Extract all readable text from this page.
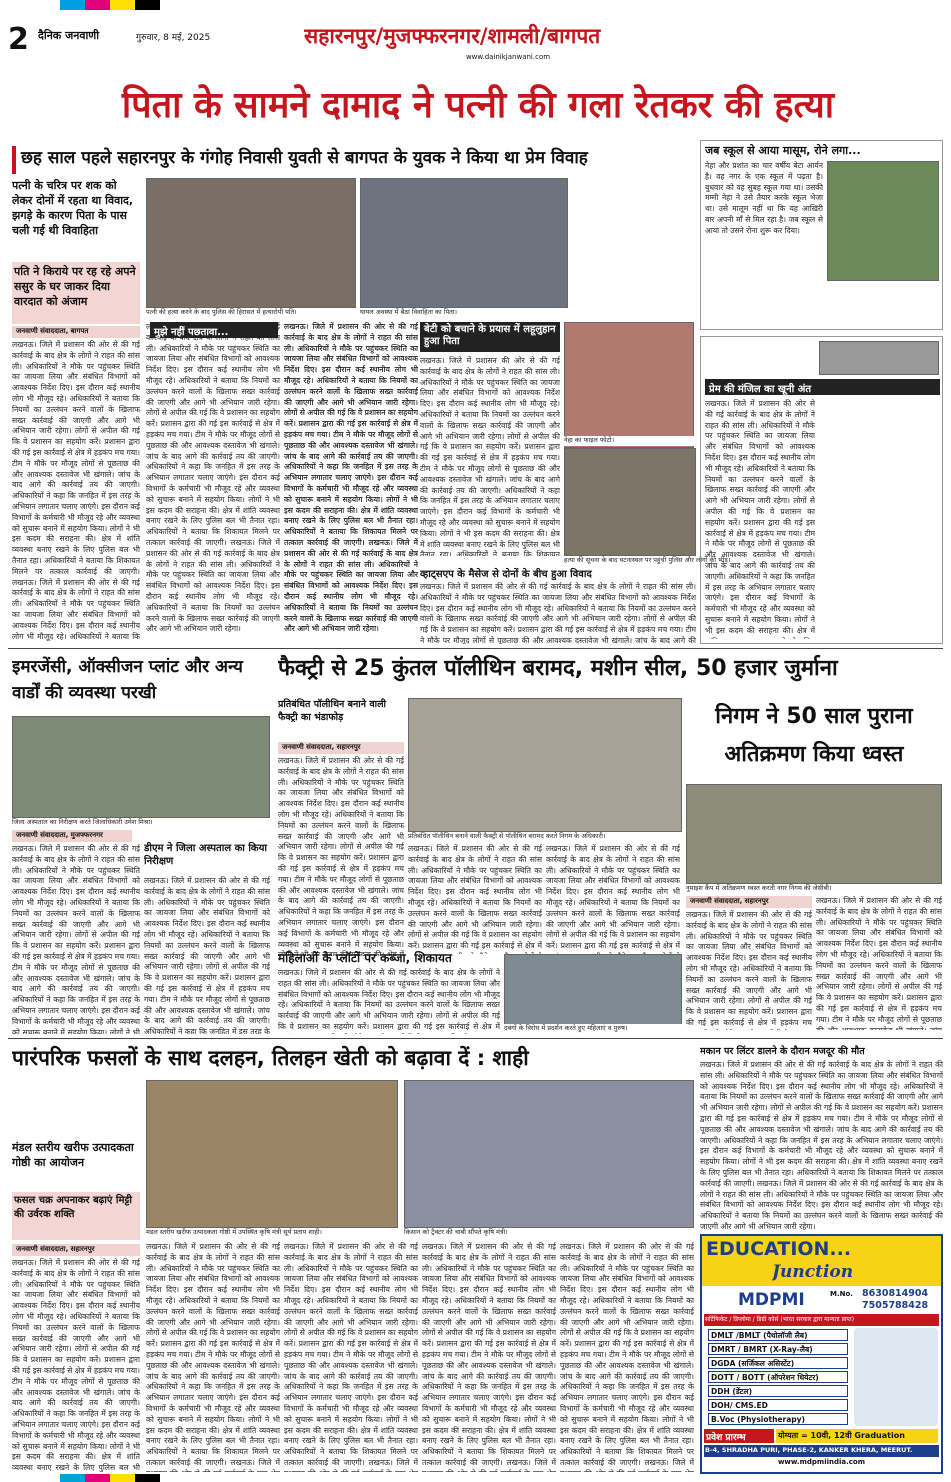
2 दैनिक जनवाणी	गुरुवार, 8 मई, 2025	सहारनपुर/मुजफ्फरनगर/शामली/बागपत
www.dainikjanwani.com
पिता के सामने दामाद ने पत्नी की गला रेतकर की हत्या
छह साल पहले सहारनपुर के गंगोह निवासी युवती से बागपत के युवक ने किया था प्रेम विवाह
पत्नी के चरित्र पर शक को लेकर दोनों में रहता था विवाद, झगड़े के कारण पिता के पास चली गई थी विवाहिता
पति ने किराये पर रह रहे अपने ससुर के घर जाकर दिया वारदात को अंजाम
जनवाणी संवाददाता, बागपत
लखनऊ। जिले में प्रशासन की ओर से की गई कार्रवाई के बाद क्षेत्र के लोगों ने राहत की सांस ली। अधिकारियों ने मौके पर पहुंचकर स्थिति का जायजा लिया और संबंधित विभागों को आवश्यक निर्देश दिए। इस दौरान कई स्थानीय लोग भी मौजूद रहे। अधिकारियों ने बताया कि नियमों का उल्लंघन करने वालों के खिलाफ सख्त कार्रवाई की जाएगी और आगे भी अभियान जारी रहेगा। लोगों से अपील की गई कि वे प्रशासन का सहयोग करें। प्रशासन द्वारा की गई इस कार्रवाई से क्षेत्र में हड़कंप मच गया। टीम ने मौके पर मौजूद लोगों से पूछताछ की और आवश्यक दस्तावेज भी खंगाले। जांच के बाद आगे की कार्रवाई तय की जाएगी। अधिकारियों ने कहा कि जनहित में इस तरह के अभियान लगातार चलाए जाएंगे। इस दौरान कई विभागों के कर्मचारी भी मौजूद रहे और व्यवस्था को सुचारू बनाने में सहयोग किया। लोगों ने भी इस कदम की सराहना की। क्षेत्र में शांति व्यवस्था बनाए रखने के लिए पुलिस बल भी तैनात रहा। अधिकारियों ने बताया कि शिकायत मिलने पर तत्काल कार्रवाई की जाएगी। लखनऊ। जिले में प्रशासन की ओर से की गई कार्रवाई के बाद क्षेत्र के लोगों ने राहत की सांस ली। अधिकारियों ने मौके पर पहुंचकर स्थिति का जायजा लिया और संबंधित विभागों को आवश्यक निर्देश दिए। इस दौरान कई स्थानीय लोग भी मौजूद रहे। अधिकारियों ने बताया कि नियमों का उल्लंघन करने वालों के खिलाफ सख्त कार्रवाई की जाएगी और आगे भी अभियान जारी रहेगा।
पत्नी की हत्या करने के बाद पुलिस की हिरासत में हत्यारोपी पति।	घायल अवस्था में बैठा विवाहिता का पिता।
जब स्कूल से आया मासूम, रोने लगा...
नेहा और प्रशांत का चार वर्षीय बेटा आर्यन है। वह नगर के एक स्कूल में पढ़ता है। बुधवार को वह सुबह स्कूल गया था। उसकी मम्मी नेहा ने उसे तैयार करके स्कूल भेजा था। उसे मालूम नहीं था कि यह आखिरी बार अपनी माँ से मिल रहा है। जब स्कूल से आया तो उसने रोना शुरू कर दिया।
लखनऊ। जिले में प्रशासन की ओर से की गई कार्रवाई के बाद क्षेत्र के लोगों ने राहत की सांस ली। अधिकारियों ने मौके पर पहुंचकर स्थिति का जायजा लिया और संबंधित विभागों को आवश्यक निर्देश दिए। इस दौरान कई स्थानीय लोग भी मौजूद रहे। अधिकारियों ने बताया कि नियमों का उल्लंघन करने वालों के खिलाफ सख्त कार्रवाई की जाएगी और आगे भी अभियान जारी रहेगा। लोगों से अपील की गई कि वे प्रशासन का सहयोग करें। प्रशासन द्वारा की गई इस कार्रवाई से क्षेत्र में हड़कंप मच गया। टीम ने मौके पर मौजूद लोगों से पूछताछ की और आवश्यक दस्तावेज भी खंगाले। जांच के बाद आगे की कार्रवाई तय की जाएगी। अधिकारियों ने कहा कि जनहित में इस तरह के अभियान लगातार चलाए जाएंगे। इस दौरान कई विभागों के कर्मचारी भी मौजूद रहे और व्यवस्था को सुचारू बनाने में सहयोग किया। लोगों ने भी इस कदम की सराहना की। क्षेत्र में शांति व्यवस्था बनाए रखने के लिए पुलिस बल भी तैनात रहा। अधिकारियों ने बताया कि शिकायत मिलने पर तत्काल कार्रवाई की जाएगी। लखनऊ। जिले में प्रशासन की ओर से की गई कार्रवाई के बाद क्षेत्र के लोगों ने राहत की सांस ली। अधिकारियों ने मौके पर पहुंचकर स्थिति का जायजा लिया और संबंधित विभागों को आवश्यक निर्देश दिए। इस दौरान कई स्थानीय लोग भी मौजूद रहे। अधिकारियों ने बताया कि नियमों का उल्लंघन करने वालों के खिलाफ सख्त कार्रवाई की जाएगी और आगे भी अभियान जारी रहेगा।
लखनऊ। जिले में प्रशासन की ओर से की गई कार्रवाई के बाद क्षेत्र के लोगों ने राहत की सांस ली। अधिकारियों ने मौके पर पहुंचकर स्थिति का जायजा लिया और संबंधित विभागों को आवश्यक निर्देश दिए। इस दौरान कई स्थानीय लोग भी मौजूद रहे। अधिकारियों ने बताया कि नियमों का उल्लंघन करने वालों के खिलाफ सख्त कार्रवाई की जाएगी और आगे भी अभियान जारी रहेगा। लोगों से अपील की गई कि वे प्रशासन का सहयोग करें। प्रशासन द्वारा की गई इस कार्रवाई से क्षेत्र में हड़कंप मच गया। टीम ने मौके पर मौजूद लोगों से पूछताछ की और आवश्यक दस्तावेज भी खंगाले। जांच के बाद आगे की कार्रवाई तय की जाएगी। अधिकारियों ने कहा कि जनहित में इस तरह के अभियान लगातार चलाए जाएंगे। इस दौरान कई विभागों के कर्मचारी भी मौजूद रहे और व्यवस्था को सुचारू बनाने में सहयोग किया। लोगों ने भी इस कदम की सराहना की। क्षेत्र में शांति व्यवस्था बनाए रखने के लिए पुलिस बल भी तैनात रहा। अधिकारियों ने बताया कि शिकायत मिलने पर तत्काल कार्रवाई की जाएगी। लखनऊ। जिले में प्रशासन की ओर से की गई कार्रवाई के बाद क्षेत्र के लोगों ने राहत की सांस ली। अधिकारियों ने मौके पर पहुंचकर स्थिति का जायजा लिया और संबंधित विभागों को आवश्यक निर्देश दिए। इस दौरान कई स्थानीय लोग भी मौजूद रहे। अधिकारियों ने बताया कि नियमों का उल्लंघन करने वालों के खिलाफ सख्त कार्रवाई की जाएगी और आगे भी अभियान जारी रहेगा।
मुझे नहीं पछतावा...
लखनऊ। जिले में प्रशासन की ओर से की गई कार्रवाई के बाद क्षेत्र के लोगों ने राहत की सांस ली। अधिकारियों ने मौके पर पहुंचकर स्थिति का जायजा लिया और संबंधित विभागों को आवश्यक निर्देश दिए। इस दौरान कई स्थानीय लोग भी मौजूद रहे। अधिकारियों ने बताया कि नियमों का उल्लंघन करने वालों के खिलाफ सख्त कार्रवाई की जाएगी और आगे भी अभियान जारी रहेगा। लोगों से अपील की गई कि वे प्रशासन का सहयोग करें। प्रशासन द्वारा की गई इस कार्रवाई से क्षेत्र में हड़कंप मच गया। टीम ने मौके पर मौजूद लोगों से पूछताछ की और आवश्यक दस्तावेज भी खंगाले। जांच के बाद आगे की कार्रवाई तय की जाएगी। अधिकारियों ने कहा कि जनहित में इस तरह के अभियान लगातार चलाए जाएंगे। इस दौरान कई विभागों के कर्मचारी भी मौजूद रहे और व्यवस्था को सुचारू बनाने में सहयोग किया। लोगों ने भी इस कदम की सराहना की। क्षेत्र में शांति व्यवस्था बनाए रखने के लिए पुलिस बल भी तैनात रहा। अधिकारियों ने बताया कि शिकायत मिलने पर तत्काल कार्रवाई की जाएगी। लखनऊ। जिले में प्रशासन की ओर से की गई कार्रवाई के बाद क्षेत्र के लोगों ने राहत की सांस ली। अधिकारियों ने मौके पर पहुंचकर स्थिति का जायजा लिया और संबंधित विभागों को आवश्यक निर्देश दिए। इस दौरान कई स्थानीय लोग भी मौजूद रहे। अधिकारियों ने बताया कि नियमों का उल्लंघन करने वालों के खिलाफ सख्त कार्रवाई की जाएगी और आगे भी अभियान जारी रहेगा।	बेटी को बचाने के प्रयास में लहूलुहान हुआ पिता
लखनऊ। जिले में प्रशासन की ओर से की गई कार्रवाई के बाद क्षेत्र के लोगों ने राहत की सांस ली। अधिकारियों ने मौके पर पहुंचकर स्थिति का जायजा लिया और संबंधित विभागों को आवश्यक निर्देश दिए। इस दौरान कई स्थानीय लोग भी मौजूद रहे। अधिकारियों ने बताया कि नियमों का उल्लंघन करने वालों के खिलाफ सख्त कार्रवाई की जाएगी और आगे भी अभियान जारी रहेगा। लोगों से अपील की गई कि वे प्रशासन का सहयोग करें। प्रशासन द्वारा की गई इस कार्रवाई से क्षेत्र में हड़कंप मच गया। टीम ने मौके पर मौजूद लोगों से पूछताछ की और आवश्यक दस्तावेज भी खंगाले। जांच के बाद आगे की कार्रवाई तय की जाएगी। अधिकारियों ने कहा कि जनहित में इस तरह के अभियान लगातार चलाए जाएंगे। इस दौरान कई विभागों के कर्मचारी भी मौजूद रहे और व्यवस्था को सुचारू बनाने में सहयोग किया। लोगों ने भी इस कदम की सराहना की। क्षेत्र में शांति व्यवस्था बनाए रखने के लिए पुलिस बल भी तैनात रहा। अधिकारियों ने बताया कि शिकायत मिलने पर तत्काल कार्रवाई की जाएगी। लखनऊ। जिले में प्रशासन की ओर से की गई कार्रवाई के बाद क्षेत्र के लोगों ने राहत की सांस ली। अधिकारियों ने मौके पर पहुंचकर स्थिति का जायजा लिया और संबंधित विभागों को आवश्यक निर्देश दिए। इस दौरान कई स्थानीय लोग भी मौजूद रहे। अधिकारियों ने बताया कि नियमों का उल्लंघन करने वालों के खिलाफ सख्त कार्रवाई की जाएगी और आगे भी अभियान जारी रहेगा।
नेहा का फाइल फोटो।
हत्या की सूचना के बाद घटनास्थल पर पहुंची पुलिस और लोगों की भीड़।
प्रेम की मंजिल का खूनी अंत
लखनऊ। जिले में प्रशासन की ओर से की गई कार्रवाई के बाद क्षेत्र के लोगों ने राहत की सांस ली। अधिकारियों ने मौके पर पहुंचकर स्थिति का जायजा लिया और संबंधित विभागों को आवश्यक निर्देश दिए। इस दौरान कई स्थानीय लोग भी मौजूद रहे। अधिकारियों ने बताया कि नियमों का उल्लंघन करने वालों के खिलाफ सख्त कार्रवाई की जाएगी और आगे भी अभियान जारी रहेगा। लोगों से अपील की गई कि वे प्रशासन का सहयोग करें। प्रशासन द्वारा की गई इस कार्रवाई से क्षेत्र में हड़कंप मच गया। टीम ने मौके पर मौजूद लोगों से पूछताछ की और आवश्यक दस्तावेज भी खंगाले। जांच के बाद आगे की कार्रवाई तय की जाएगी। अधिकारियों ने कहा कि जनहित में इस तरह के अभियान लगातार चलाए जाएंगे। इस दौरान कई विभागों के कर्मचारी भी मौजूद रहे और व्यवस्था को सुचारू बनाने में सहयोग किया। लोगों ने भी इस कदम की सराहना की। क्षेत्र में शांति व्यवस्था बनाए रखने के लिए पुलिस बल भी तैनात रहा। अधिकारियों ने बताया कि शिकायत मिलने पर तत्काल कार्रवाई की जाएगी। लखनऊ। जिले में प्रशासन की ओर से की गई कार्रवाई के बाद क्षेत्र के लोगों ने राहत की सांस ली। अधिकारियों ने मौके पर पहुंचकर स्थिति का जायजा लिया और संबंधित विभागों को आवश्यक निर्देश दिए। इस दौरान कई स्थानीय लोग भी मौजूद रहे। अधिकारियों ने बताया कि नियमों का उल्लंघन करने वालों के खिलाफ सख्त कार्रवाई की जाएगी और आगे भी अभियान जारी रहेगा।
व्हाट्सएप के मैसेज से दोनों के बीच हुआ विवाद
लखनऊ। जिले में प्रशासन की ओर से की गई कार्रवाई के बाद क्षेत्र के लोगों ने राहत की सांस ली। अधिकारियों ने मौके पर पहुंचकर स्थिति का जायजा लिया और संबंधित विभागों को आवश्यक निर्देश दिए। इस दौरान कई स्थानीय लोग भी मौजूद रहे। अधिकारियों ने बताया कि नियमों का उल्लंघन करने वालों के खिलाफ सख्त कार्रवाई की जाएगी और आगे भी अभियान जारी रहेगा। लोगों से अपील की गई कि वे प्रशासन का सहयोग करें। प्रशासन द्वारा की गई इस कार्रवाई से क्षेत्र में हड़कंप मच गया। टीम ने मौके पर मौजूद लोगों से पूछताछ की और आवश्यक दस्तावेज भी खंगाले। जांच के बाद आगे की कार्रवाई तय की जाएगी। अधिकारियों ने कहा कि जनहित में इस तरह के अभियान लगातार चलाए जाएंगे। इस दौरान कई विभागों के कर्मचारी भी मौजूद रहे और व्यवस्था को सुचारू बनाने में सहयोग किया। लोगों ने भी इस कदम की सराहना की। क्षेत्र में शांति व्यवस्था बनाए रखने के लिए पुलिस बल भी तैनात रहा। अधिकारियों ने बताया कि शिकायत मिलने पर तत्काल कार्रवाई की जाएगी। लखनऊ। जिले में प्रशासन की ओर से की गई कार्रवाई के बाद क्षेत्र के लोगों ने राहत की सांस ली। अधिकारियों ने मौके पर पहुंचकर स्थिति का जायजा लिया और संबंधित विभागों को आवश्यक निर्देश दिए। इस दौरान कई स्थानीय लोग भी मौजूद रहे। अधिकारियों ने बताया कि नियमों का उल्लंघन करने वालों के खिलाफ सख्त कार्रवाई की जाएगी और आगे भी अभियान जारी रहेगा।
इमरजेंसी, ऑक्सीजन प्लांट और अन्य वार्डों की व्यवस्था परखी
जिला अस्पताल का निरीक्षण करते जिलाधिकारी उमेश मिश्रा।
जनवाणी संवाददाता, मुजफ्फरनगर
लखनऊ। जिले में प्रशासन की ओर से की गई कार्रवाई के बाद क्षेत्र के लोगों ने राहत की सांस ली। अधिकारियों ने मौके पर पहुंचकर स्थिति का जायजा लिया और संबंधित विभागों को आवश्यक निर्देश दिए। इस दौरान कई स्थानीय लोग भी मौजूद रहे। अधिकारियों ने बताया कि नियमों का उल्लंघन करने वालों के खिलाफ सख्त कार्रवाई की जाएगी और आगे भी अभियान जारी रहेगा। लोगों से अपील की गई कि वे प्रशासन का सहयोग करें। प्रशासन द्वारा की गई इस कार्रवाई से क्षेत्र में हड़कंप मच गया। टीम ने मौके पर मौजूद लोगों से पूछताछ की और आवश्यक दस्तावेज भी खंगाले। जांच के बाद आगे की कार्रवाई तय की जाएगी। अधिकारियों ने कहा कि जनहित में इस तरह के अभियान लगातार चलाए जाएंगे। इस दौरान कई विभागों के कर्मचारी भी मौजूद रहे और व्यवस्था को सुचारू बनाने में सहयोग किया। लोगों ने भी इस कदम की सराहना की। क्षेत्र में शांति व्यवस्था बनाए रखने के लिए पुलिस बल भी तैनात रहा। अधिकारियों ने बताया कि शिकायत मिलने पर तत्काल कार्रवाई की जाएगी। लखनऊ। जिले में प्रशासन की ओर से की गई कार्रवाई के बाद क्षेत्र के लोगों ने राहत की सांस ली। अधिकारियों ने मौके पर पहुंचकर स्थिति का जायजा लिया और संबंधित विभागों को आवश्यक निर्देश दिए। इस दौरान कई स्थानीय लोग भी मौजूद रहे। अधिकारियों ने बताया कि नियमों का उल्लंघन करने वालों के खिलाफ सख्त कार्रवाई की जाएगी और आगे भी अभियान जारी रहेगा।
डीएम ने जिला अस्पताल का किया निरीक्षण
लखनऊ। जिले में प्रशासन की ओर से की गई कार्रवाई के बाद क्षेत्र के लोगों ने राहत की सांस ली। अधिकारियों ने मौके पर पहुंचकर स्थिति का जायजा लिया और संबंधित विभागों को आवश्यक निर्देश दिए। इस दौरान कई स्थानीय लोग भी मौजूद रहे। अधिकारियों ने बताया कि नियमों का उल्लंघन करने वालों के खिलाफ सख्त कार्रवाई की जाएगी और आगे भी अभियान जारी रहेगा। लोगों से अपील की गई कि वे प्रशासन का सहयोग करें। प्रशासन द्वारा की गई इस कार्रवाई से क्षेत्र में हड़कंप मच गया। टीम ने मौके पर मौजूद लोगों से पूछताछ की और आवश्यक दस्तावेज भी खंगाले। जांच के बाद आगे की कार्रवाई तय की जाएगी। अधिकारियों ने कहा कि जनहित में इस तरह के अभियान लगातार चलाए जाएंगे। इस दौरान कई विभागों के कर्मचारी भी मौजूद रहे और व्यवस्था को सुचारू बनाने में सहयोग किया। लोगों ने भी इस कदम की सराहना की। क्षेत्र में शांति व्यवस्था बनाए रखने के लिए पुलिस बल भी तैनात रहा। अधिकारियों ने बताया कि शिकायत मिलने पर तत्काल कार्रवाई की जाएगी। लखनऊ। जिले में प्रशासन की ओर से की गई कार्रवाई के बाद क्षेत्र के लोगों ने राहत की सांस ली। अधिकारियों ने मौके पर पहुंचकर स्थिति का जायजा लिया और संबंधित विभागों को आवश्यक निर्देश दिए। इस दौरान कई स्थानीय लोग भी मौजूद रहे। अधिकारियों ने बताया कि नियमों का उल्लंघन करने वालों के खिलाफ सख्त कार्रवाई की जाएगी और आगे भी अभियान जारी रहेगा।
फैक्ट्री से 25 कुंतल पॉलीथिन बरामद, मशीन सील, 50 हजार जुर्माना
प्रतिबंधित पॉलीथिन बनाने वाली फैक्ट्री का भंडाफोड़
जनवाणी संवाददाता, सहारनपुर
लखनऊ। जिले में प्रशासन की ओर से की गई कार्रवाई के बाद क्षेत्र के लोगों ने राहत की सांस ली। अधिकारियों ने मौके पर पहुंचकर स्थिति का जायजा लिया और संबंधित विभागों को आवश्यक निर्देश दिए। इस दौरान कई स्थानीय लोग भी मौजूद रहे। अधिकारियों ने बताया कि नियमों का उल्लंघन करने वालों के खिलाफ सख्त कार्रवाई की जाएगी और आगे भी अभियान जारी रहेगा। लोगों से अपील की गई कि वे प्रशासन का सहयोग करें। प्रशासन द्वारा की गई इस कार्रवाई से क्षेत्र में हड़कंप मच गया। टीम ने मौके पर मौजूद लोगों से पूछताछ की और आवश्यक दस्तावेज भी खंगाले। जांच के बाद आगे की कार्रवाई तय की जाएगी। अधिकारियों ने कहा कि जनहित में इस तरह के अभियान लगातार चलाए जाएंगे। इस दौरान कई विभागों के कर्मचारी भी मौजूद रहे और व्यवस्था को सुचारू बनाने में सहयोग किया। लोगों ने भी इस कदम की सराहना की। क्षेत्र में शांति व्यवस्था बनाए रखने के लिए पुलिस बल भी तैनात रहा। अधिकारियों ने बताया कि शिकायत मिलने पर तत्काल कार्रवाई की जाएगी। लखनऊ। जिले में प्रशासन की ओर से की गई कार्रवाई के बाद क्षेत्र के लोगों ने राहत की सांस ली। अधिकारियों ने मौके पर पहुंचकर स्थिति का जायजा लिया और संबंधित विभागों को आवश्यक निर्देश दिए। इस दौरान कई स्थानीय लोग भी मौजूद रहे। अधिकारियों ने बताया कि नियमों का उल्लंघन करने वालों के खिलाफ सख्त कार्रवाई की जाएगी और आगे भी अभियान जारी रहेगा।
प्रतिबंधित पॉलीथिन बनाने वाली फैक्ट्री से पॉलीथिन बरामद करते निगम के अधिकारी।
लखनऊ। जिले में प्रशासन की ओर से की गई कार्रवाई के बाद क्षेत्र के लोगों ने राहत की सांस ली। अधिकारियों ने मौके पर पहुंचकर स्थिति का जायजा लिया और संबंधित विभागों को आवश्यक निर्देश दिए। इस दौरान कई स्थानीय लोग भी मौजूद रहे। अधिकारियों ने बताया कि नियमों का उल्लंघन करने वालों के खिलाफ सख्त कार्रवाई की जाएगी और आगे भी अभियान जारी रहेगा। लोगों से अपील की गई कि वे प्रशासन का सहयोग करें। प्रशासन द्वारा की गई इस कार्रवाई से क्षेत्र में हड़कंप मच गया। टीम ने मौके पर मौजूद लोगों से पूछताछ की और आवश्यक दस्तावेज भी खंगाले। जांच के बाद आगे की कार्रवाई तय की जाएगी। अधिकारियों ने कहा कि जनहित में इस तरह के अभियान लगातार चलाए जाएंगे। इस दौरान कई विभागों के कर्मचारी भी मौजूद रहे और व्यवस्था को सुचारू बनाने में सहयोग किया। लोगों ने भी इस कदम की सराहना की। क्षेत्र में शांति व्यवस्था बनाए रखने के लिए पुलिस बल भी तैनात रहा। अधिकारियों ने बताया कि शिकायत मिलने पर तत्काल कार्रवाई की जाएगी। लखनऊ। जिले में प्रशासन की ओर से की गई कार्रवाई के बाद क्षेत्र के लोगों ने राहत की सांस ली। अधिकारियों ने मौके पर पहुंचकर स्थिति का जायजा लिया और संबंधित विभागों को आवश्यक निर्देश दिए। इस दौरान कई स्थानीय लोग भी मौजूद रहे। अधिकारियों ने बताया कि नियमों का उल्लंघन करने वालों के खिलाफ सख्त कार्रवाई की जाएगी और आगे भी अभियान जारी रहेगा।
लखनऊ। जिले में प्रशासन की ओर से की गई कार्रवाई के बाद क्षेत्र के लोगों ने राहत की सांस ली। अधिकारियों ने मौके पर पहुंचकर स्थिति का जायजा लिया और संबंधित विभागों को आवश्यक निर्देश दिए। इस दौरान कई स्थानीय लोग भी मौजूद रहे। अधिकारियों ने बताया कि नियमों का उल्लंघन करने वालों के खिलाफ सख्त कार्रवाई की जाएगी और आगे भी अभियान जारी रहेगा। लोगों से अपील की गई कि वे प्रशासन का सहयोग करें। प्रशासन द्वारा की गई इस कार्रवाई से क्षेत्र में हड़कंप मच गया। टीम ने मौके पर मौजूद लोगों से पूछताछ की और आवश्यक दस्तावेज भी खंगाले। जांच के बाद आगे की कार्रवाई तय की जाएगी। अधिकारियों ने कहा कि जनहित में इस तरह के अभियान लगातार चलाए जाएंगे। इस दौरान कई विभागों के कर्मचारी भी मौजूद रहे और व्यवस्था को सुचारू बनाने में सहयोग किया। लोगों ने भी इस कदम की सराहना की। क्षेत्र में शांति व्यवस्था बनाए रखने के लिए पुलिस बल भी तैनात रहा। अधिकारियों ने बताया कि शिकायत मिलने पर तत्काल कार्रवाई की जाएगी। लखनऊ। जिले में प्रशासन की ओर से की गई कार्रवाई के बाद क्षेत्र के लोगों ने राहत की सांस ली। अधिकारियों ने मौके पर पहुंचकर स्थिति का जायजा लिया और संबंधित विभागों को आवश्यक निर्देश दिए। इस दौरान कई स्थानीय लोग भी मौजूद रहे। अधिकारियों ने बताया कि नियमों का उल्लंघन करने वालों के खिलाफ सख्त कार्रवाई की जाएगी और आगे भी अभियान जारी रहेगा।
निगम ने 50 साल पुराना अतिक्रमण किया ध्वस्त
नुमाइश कैंप में अतिक्रमण ध्वस्त करती नगर निगम की जेसीबी।
जनवाणी संवाददाता, सहारनपुर
लखनऊ। जिले में प्रशासन की ओर से की गई कार्रवाई के बाद क्षेत्र के लोगों ने राहत की सांस ली। अधिकारियों ने मौके पर पहुंचकर स्थिति का जायजा लिया और संबंधित विभागों को आवश्यक निर्देश दिए। इस दौरान कई स्थानीय लोग भी मौजूद रहे। अधिकारियों ने बताया कि नियमों का उल्लंघन करने वालों के खिलाफ सख्त कार्रवाई की जाएगी और आगे भी अभियान जारी रहेगा। लोगों से अपील की गई कि वे प्रशासन का सहयोग करें। प्रशासन द्वारा की गई इस कार्रवाई से क्षेत्र में हड़कंप मच गया। टीम ने मौके पर मौजूद लोगों से पूछताछ की और आवश्यक दस्तावेज भी खंगाले। जांच के बाद आगे की कार्रवाई तय की जाएगी। अधिकारियों ने कहा कि जनहित में इस तरह के अभियान लगातार चलाए जाएंगे। इस दौरान कई विभागों के कर्मचारी भी मौजूद रहे और व्यवस्था को सुचारू बनाने में सहयोग किया। लोगों ने भी इस कदम की सराहना की। क्षेत्र में शांति व्यवस्था बनाए रखने के लिए पुलिस बल भी तैनात रहा। अधिकारियों ने बताया कि शिकायत मिलने पर तत्काल कार्रवाई की जाएगी। लखनऊ। जिले में प्रशासन की ओर से की गई कार्रवाई के बाद क्षेत्र के लोगों ने राहत की सांस ली। अधिकारियों ने मौके पर पहुंचकर स्थिति का जायजा लिया और संबंधित विभागों को आवश्यक निर्देश दिए। इस दौरान कई स्थानीय लोग भी मौजूद रहे। अधिकारियों ने बताया कि नियमों का उल्लंघन करने वालों के खिलाफ सख्त कार्रवाई की जाएगी और आगे भी अभियान जारी रहेगा।
लखनऊ। जिले में प्रशासन की ओर से की गई कार्रवाई के बाद क्षेत्र के लोगों ने राहत की सांस ली। अधिकारियों ने मौके पर पहुंचकर स्थिति का जायजा लिया और संबंधित विभागों को आवश्यक निर्देश दिए। इस दौरान कई स्थानीय लोग भी मौजूद रहे। अधिकारियों ने बताया कि नियमों का उल्लंघन करने वालों के खिलाफ सख्त कार्रवाई की जाएगी और आगे भी अभियान जारी रहेगा। लोगों से अपील की गई कि वे प्रशासन का सहयोग करें। प्रशासन द्वारा की गई इस कार्रवाई से क्षेत्र में हड़कंप मच गया। टीम ने मौके पर मौजूद लोगों से पूछताछ की और आवश्यक दस्तावेज भी खंगाले। जांच के बाद आगे की कार्रवाई तय की जाएगी। अधिकारियों ने कहा कि जनहित में इस तरह के अभियान लगातार चलाए जाएंगे। इस दौरान कई विभागों के कर्मचारी भी मौजूद रहे और व्यवस्था को सुचारू बनाने में सहयोग किया। लोगों ने भी इस कदम की सराहना की। क्षेत्र में शांति व्यवस्था बनाए रखने के लिए पुलिस बल भी तैनात रहा। अधिकारियों ने बताया कि शिकायत मिलने पर तत्काल कार्रवाई की जाएगी। लखनऊ। जिले में प्रशासन की ओर से की गई कार्रवाई के बाद क्षेत्र के लोगों ने राहत की सांस ली। अधिकारियों ने मौके पर पहुंचकर स्थिति का जायजा लिया और संबंधित विभागों को आवश्यक निर्देश दिए। इस दौरान कई स्थानीय लोग भी मौजूद रहे। अधिकारियों ने बताया कि नियमों का उल्लंघन करने वालों के खिलाफ सख्त कार्रवाई की जाएगी और आगे भी अभियान जारी रहेगा।
महिलाओं के प्लॉटों पर कब्जा, शिकायत
लखनऊ। जिले में प्रशासन की ओर से की गई कार्रवाई के बाद क्षेत्र के लोगों ने राहत की सांस ली। अधिकारियों ने मौके पर पहुंचकर स्थिति का जायजा लिया और संबंधित विभागों को आवश्यक निर्देश दिए। इस दौरान कई स्थानीय लोग भी मौजूद रहे। अधिकारियों ने बताया कि नियमों का उल्लंघन करने वालों के खिलाफ सख्त कार्रवाई की जाएगी और आगे भी अभियान जारी रहेगा। लोगों से अपील की गई कि वे प्रशासन का सहयोग करें। प्रशासन द्वारा की गई इस कार्रवाई से क्षेत्र में हड़कंप मच गया। टीम ने मौके पर मौजूद लोगों से पूछताछ की और आवश्यक दस्तावेज भी खंगाले। जांच के बाद आगे की कार्रवाई तय की जाएगी। अधिकारियों ने कहा कि जनहित में इस तरह के अभियान लगातार चलाए जाएंगे। इस दौरान कई विभागों के कर्मचारी भी मौजूद रहे और व्यवस्था को सुचारू बनाने में सहयोग किया। लोगों ने भी इस कदम की सराहना की। क्षेत्र में शांति व्यवस्था बनाए रखने के लिए पुलिस बल भी तैनात रहा। अधिकारियों ने बताया कि शिकायत मिलने पर तत्काल कार्रवाई की जाएगी। लखनऊ। जिले में प्रशासन की ओर से की गई कार्रवाई के बाद क्षेत्र के लोगों ने राहत की सांस ली। अधिकारियों ने मौके पर पहुंचकर स्थिति का जायजा लिया और संबंधित विभागों को आवश्यक निर्देश दिए। इस दौरान कई स्थानीय लोग भी मौजूद रहे। अधिकारियों ने बताया कि नियमों का उल्लंघन करने वालों के खिलाफ सख्त कार्रवाई की जाएगी और आगे भी अभियान जारी रहेगा।
दबंगों के विरोध में प्रदर्शन करते हुए महिलाएं व पुरुष।
पारंपरिक फसलों के साथ दलहन, तिलहन खेती को बढ़ावा दें : शाही
मंडल स्तरीय खरीफ उत्पादकता गोष्ठी का आयोजन
फसल चक्र अपनाकर बढ़ाएं मिट्टी की उर्वरक शक्ति
जनवाणी संवाददाता, सहारनपुर
लखनऊ। जिले में प्रशासन की ओर से की गई कार्रवाई के बाद क्षेत्र के लोगों ने राहत की सांस ली। अधिकारियों ने मौके पर पहुंचकर स्थिति का जायजा लिया और संबंधित विभागों को आवश्यक निर्देश दिए। इस दौरान कई स्थानीय लोग भी मौजूद रहे। अधिकारियों ने बताया कि नियमों का उल्लंघन करने वालों के खिलाफ सख्त कार्रवाई की जाएगी और आगे भी अभियान जारी रहेगा। लोगों से अपील की गई कि वे प्रशासन का सहयोग करें। प्रशासन द्वारा की गई इस कार्रवाई से क्षेत्र में हड़कंप मच गया। टीम ने मौके पर मौजूद लोगों से पूछताछ की और आवश्यक दस्तावेज भी खंगाले। जांच के बाद आगे की कार्रवाई तय की जाएगी। अधिकारियों ने कहा कि जनहित में इस तरह के अभियान लगातार चलाए जाएंगे। इस दौरान कई विभागों के कर्मचारी भी मौजूद रहे और व्यवस्था को सुचारू बनाने में सहयोग किया। लोगों ने भी इस कदम की सराहना की। क्षेत्र में शांति व्यवस्था बनाए रखने के लिए पुलिस बल भी तैनात रहा। अधिकारियों ने बताया कि शिकायत मिलने पर तत्काल कार्रवाई की जाएगी। लखनऊ। जिले में प्रशासन की ओर से की गई कार्रवाई के बाद क्षेत्र के लोगों ने राहत की सांस ली। अधिकारियों ने मौके पर पहुंचकर स्थिति का जायजा लिया और संबंधित विभागों को आवश्यक निर्देश दिए। इस दौरान कई स्थानीय लोग भी मौजूद रहे। अधिकारियों ने बताया कि नियमों का उल्लंघन करने वालों के खिलाफ सख्त कार्रवाई की जाएगी और आगे भी अभियान जारी रहेगा।
मंडल स्तरीय खरीफ उत्पादकता गोष्ठी में उपस्थित कृषि मंत्री सूर्य प्रताप शाही।	किसान को ट्रैक्टर की चाबी सौंपते कृषि मंत्री।
लखनऊ। जिले में प्रशासन की ओर से की गई कार्रवाई के बाद क्षेत्र के लोगों ने राहत की सांस ली। अधिकारियों ने मौके पर पहुंचकर स्थिति का जायजा लिया और संबंधित विभागों को आवश्यक निर्देश दिए। इस दौरान कई स्थानीय लोग भी मौजूद रहे। अधिकारियों ने बताया कि नियमों का उल्लंघन करने वालों के खिलाफ सख्त कार्रवाई की जाएगी और आगे भी अभियान जारी रहेगा। लोगों से अपील की गई कि वे प्रशासन का सहयोग करें। प्रशासन द्वारा की गई इस कार्रवाई से क्षेत्र में हड़कंप मच गया। टीम ने मौके पर मौजूद लोगों से पूछताछ की और आवश्यक दस्तावेज भी खंगाले। जांच के बाद आगे की कार्रवाई तय की जाएगी। अधिकारियों ने कहा कि जनहित में इस तरह के अभियान लगातार चलाए जाएंगे। इस दौरान कई विभागों के कर्मचारी भी मौजूद रहे और व्यवस्था को सुचारू बनाने में सहयोग किया। लोगों ने भी इस कदम की सराहना की। क्षेत्र में शांति व्यवस्था बनाए रखने के लिए पुलिस बल भी तैनात रहा। अधिकारियों ने बताया कि शिकायत मिलने पर तत्काल कार्रवाई की जाएगी। लखनऊ। जिले में प्रशासन की ओर से की गई कार्रवाई के बाद क्षेत्र के लोगों ने राहत की सांस ली। अधिकारियों ने मौके पर पहुंचकर स्थिति का जायजा लिया और संबंधित विभागों को आवश्यक निर्देश दिए। इस दौरान कई स्थानीय लोग भी मौजूद रहे। अधिकारियों ने बताया कि नियमों का उल्लंघन करने वालों के खिलाफ सख्त कार्रवाई की जाएगी और आगे भी अभियान जारी रहेगा।
लखनऊ। जिले में प्रशासन की ओर से की गई कार्रवाई के बाद क्षेत्र के लोगों ने राहत की सांस ली। अधिकारियों ने मौके पर पहुंचकर स्थिति का जायजा लिया और संबंधित विभागों को आवश्यक निर्देश दिए। इस दौरान कई स्थानीय लोग भी मौजूद रहे। अधिकारियों ने बताया कि नियमों का उल्लंघन करने वालों के खिलाफ सख्त कार्रवाई की जाएगी और आगे भी अभियान जारी रहेगा। लोगों से अपील की गई कि वे प्रशासन का सहयोग करें। प्रशासन द्वारा की गई इस कार्रवाई से क्षेत्र में हड़कंप मच गया। टीम ने मौके पर मौजूद लोगों से पूछताछ की और आवश्यक दस्तावेज भी खंगाले। जांच के बाद आगे की कार्रवाई तय की जाएगी। अधिकारियों ने कहा कि जनहित में इस तरह के अभियान लगातार चलाए जाएंगे। इस दौरान कई विभागों के कर्मचारी भी मौजूद रहे और व्यवस्था को सुचारू बनाने में सहयोग किया। लोगों ने भी इस कदम की सराहना की। क्षेत्र में शांति व्यवस्था बनाए रखने के लिए पुलिस बल भी तैनात रहा। अधिकारियों ने बताया कि शिकायत मिलने पर तत्काल कार्रवाई की जाएगी। लखनऊ। जिले में प्रशासन की ओर से की गई कार्रवाई के बाद क्षेत्र के लोगों ने राहत की सांस ली। अधिकारियों ने मौके पर पहुंचकर स्थिति का जायजा लिया और संबंधित विभागों को आवश्यक निर्देश दिए। इस दौरान कई स्थानीय लोग भी मौजूद रहे। अधिकारियों ने बताया कि नियमों का उल्लंघन करने वालों के खिलाफ सख्त कार्रवाई की जाएगी और आगे भी अभियान जारी रहेगा।
लखनऊ। जिले में प्रशासन की ओर से की गई कार्रवाई के बाद क्षेत्र के लोगों ने राहत की सांस ली। अधिकारियों ने मौके पर पहुंचकर स्थिति का जायजा लिया और संबंधित विभागों को आवश्यक निर्देश दिए। इस दौरान कई स्थानीय लोग भी मौजूद रहे। अधिकारियों ने बताया कि नियमों का उल्लंघन करने वालों के खिलाफ सख्त कार्रवाई की जाएगी और आगे भी अभियान जारी रहेगा। लोगों से अपील की गई कि वे प्रशासन का सहयोग करें। प्रशासन द्वारा की गई इस कार्रवाई से क्षेत्र में हड़कंप मच गया। टीम ने मौके पर मौजूद लोगों से पूछताछ की और आवश्यक दस्तावेज भी खंगाले। जांच के बाद आगे की कार्रवाई तय की जाएगी। अधिकारियों ने कहा कि जनहित में इस तरह के अभियान लगातार चलाए जाएंगे। इस दौरान कई विभागों के कर्मचारी भी मौजूद रहे और व्यवस्था को सुचारू बनाने में सहयोग किया। लोगों ने भी इस कदम की सराहना की। क्षेत्र में शांति व्यवस्था बनाए रखने के लिए पुलिस बल भी तैनात रहा। अधिकारियों ने बताया कि शिकायत मिलने पर तत्काल कार्रवाई की जाएगी। लखनऊ। जिले में प्रशासन की ओर से की गई कार्रवाई के बाद क्षेत्र के लोगों ने राहत की सांस ली। अधिकारियों ने मौके पर पहुंचकर स्थिति का जायजा लिया और संबंधित विभागों को आवश्यक निर्देश दिए। इस दौरान कई स्थानीय लोग भी मौजूद रहे। अधिकारियों ने बताया कि नियमों का उल्लंघन करने वालों के खिलाफ सख्त कार्रवाई की जाएगी और आगे भी अभियान जारी रहेगा।
लखनऊ। जिले में प्रशासन की ओर से की गई कार्रवाई के बाद क्षेत्र के लोगों ने राहत की सांस ली। अधिकारियों ने मौके पर पहुंचकर स्थिति का जायजा लिया और संबंधित विभागों को आवश्यक निर्देश दिए। इस दौरान कई स्थानीय लोग भी मौजूद रहे। अधिकारियों ने बताया कि नियमों का उल्लंघन करने वालों के खिलाफ सख्त कार्रवाई की जाएगी और आगे भी अभियान जारी रहेगा। लोगों से अपील की गई कि वे प्रशासन का सहयोग करें। प्रशासन द्वारा की गई इस कार्रवाई से क्षेत्र में हड़कंप मच गया। टीम ने मौके पर मौजूद लोगों से पूछताछ की और आवश्यक दस्तावेज भी खंगाले। जांच के बाद आगे की कार्रवाई तय की जाएगी। अधिकारियों ने कहा कि जनहित में इस तरह के अभियान लगातार चलाए जाएंगे। इस दौरान कई विभागों के कर्मचारी भी मौजूद रहे और व्यवस्था को सुचारू बनाने में सहयोग किया। लोगों ने भी इस कदम की सराहना की। क्षेत्र में शांति व्यवस्था बनाए रखने के लिए पुलिस बल भी तैनात रहा। अधिकारियों ने बताया कि शिकायत मिलने पर तत्काल कार्रवाई की जाएगी। लखनऊ। जिले में प्रशासन की ओर से की गई कार्रवाई के बाद क्षेत्र के लोगों ने राहत की सांस ली। अधिकारियों ने मौके पर पहुंचकर स्थिति का जायजा लिया और संबंधित विभागों को आवश्यक निर्देश दिए। इस दौरान कई स्थानीय लोग भी मौजूद रहे। अधिकारियों ने बताया कि नियमों का उल्लंघन करने वालों के खिलाफ सख्त कार्रवाई की जाएगी और आगे भी अभियान जारी रहेगा।
मकान पर लिंटर डालने के दौरान मजदूर की मौत
लखनऊ। जिले में प्रशासन की ओर से की गई कार्रवाई के बाद क्षेत्र के लोगों ने राहत की सांस ली। अधिकारियों ने मौके पर पहुंचकर स्थिति का जायजा लिया और संबंधित विभागों को आवश्यक निर्देश दिए। इस दौरान कई स्थानीय लोग भी मौजूद रहे। अधिकारियों ने बताया कि नियमों का उल्लंघन करने वालों के खिलाफ सख्त कार्रवाई की जाएगी और आगे भी अभियान जारी रहेगा। लोगों से अपील की गई कि वे प्रशासन का सहयोग करें। प्रशासन द्वारा की गई इस कार्रवाई से क्षेत्र में हड़कंप मच गया। टीम ने मौके पर मौजूद लोगों से पूछताछ की और आवश्यक दस्तावेज भी खंगाले। जांच के बाद आगे की कार्रवाई तय की जाएगी। अधिकारियों ने कहा कि जनहित में इस तरह के अभियान लगातार चलाए जाएंगे। इस दौरान कई विभागों के कर्मचारी भी मौजूद रहे और व्यवस्था को सुचारू बनाने में सहयोग किया। लोगों ने भी इस कदम की सराहना की। क्षेत्र में शांति व्यवस्था बनाए रखने के लिए पुलिस बल भी तैनात रहा। अधिकारियों ने बताया कि शिकायत मिलने पर तत्काल कार्रवाई की जाएगी। लखनऊ। जिले में प्रशासन की ओर से की गई कार्रवाई के बाद क्षेत्र के लोगों ने राहत की सांस ली। अधिकारियों ने मौके पर पहुंचकर स्थिति का जायजा लिया और संबंधित विभागों को आवश्यक निर्देश दिए। इस दौरान कई स्थानीय लोग भी मौजूद रहे। अधिकारियों ने बताया कि नियमों का उल्लंघन करने वालों के खिलाफ सख्त कार्रवाई की जाएगी और आगे भी अभियान जारी रहेगा।
EDUCATION...
Junction
MDPMI	M.No. 8630814904
7505788428
सर्टिफिकेट / डिप्लोमा / डिग्री कोर्स (भारत सरकार द्वारा मान्यता प्राप्त)
DMLT /BMLT (पैथोलॉजी लैब)
DMRT / BMRT (X-Ray-लैब)
DGDA (सर्जिकल असिस्टेंट)
DOTT / BOTT (ऑपरेशन थियेटर)
DDH (डेंटल)
DOH/ CMS.ED
B.Voc (Physiotherapy)
प्रवेश प्रारम्भ	योग्यता = 10वी, 12वी Graduation
B-4, SHRADHA PURI, PHASE-2, KANKER KHERA, MEERUT.
www.mdpmiindia.com
